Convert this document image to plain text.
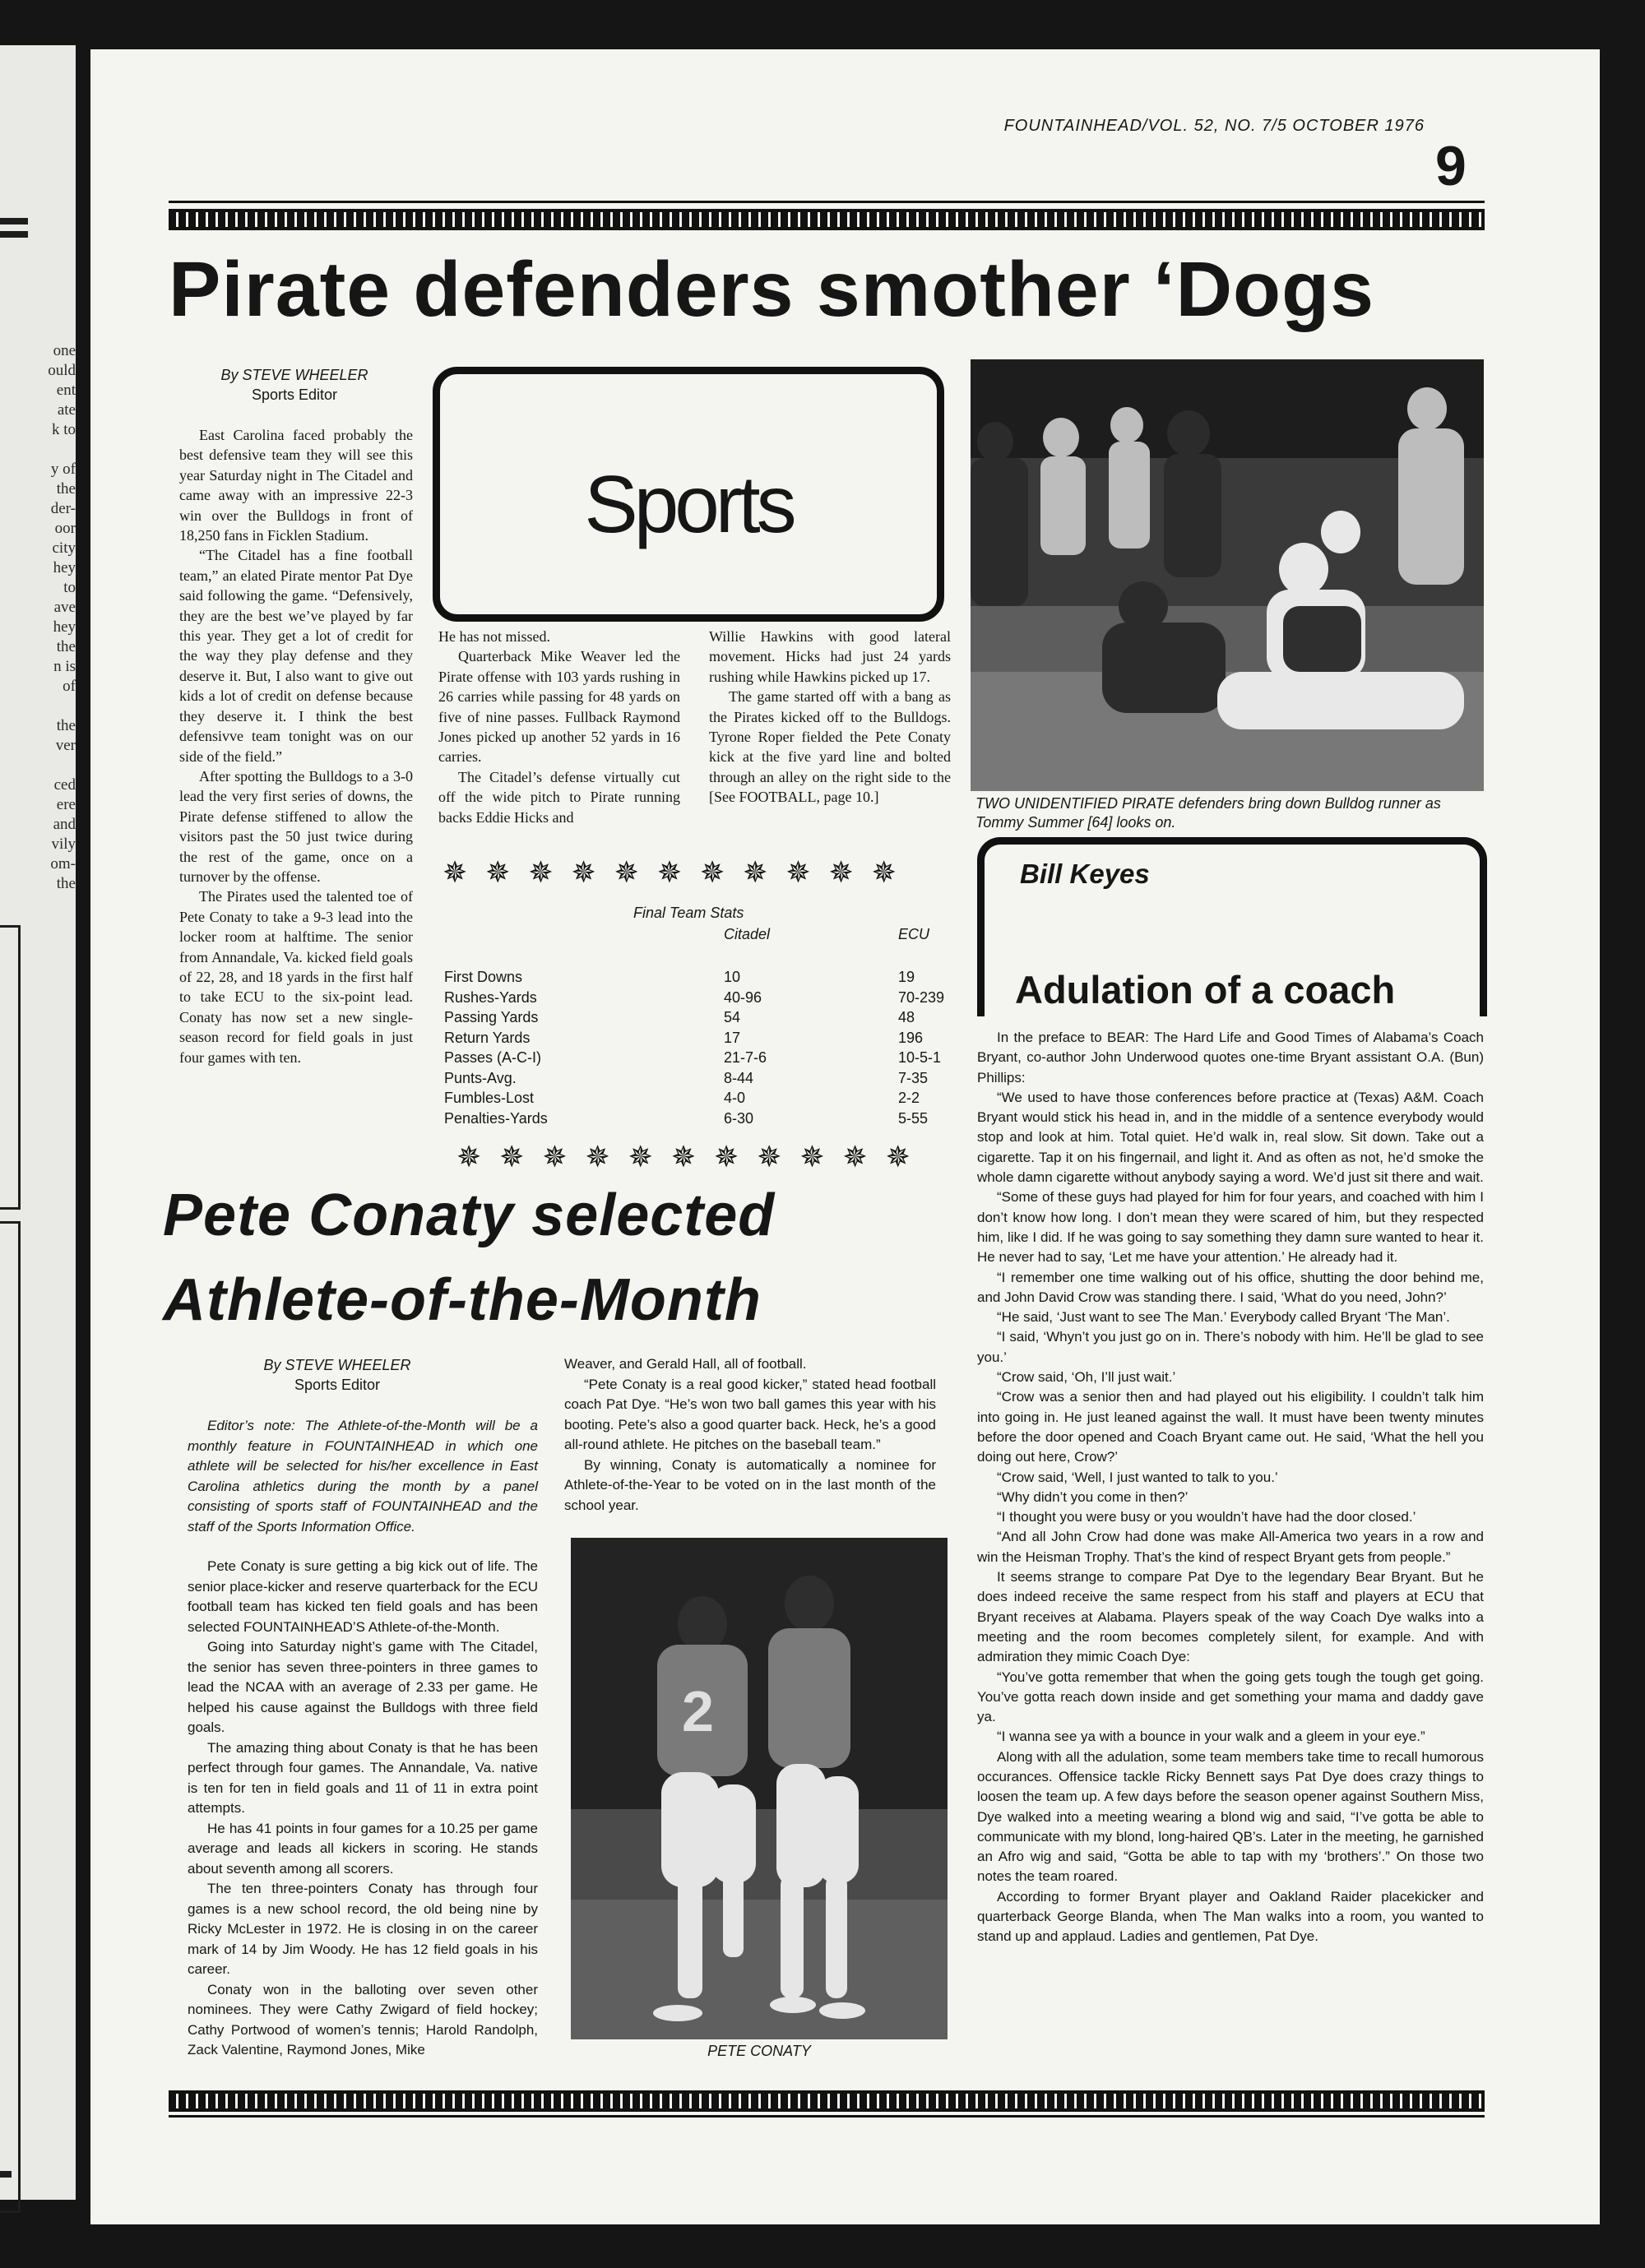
one
ould
ent
ate
k to
y of
the
der-
oor
city
hey
to
ave
hey
the
n is
of
the
ver
ced
ere
and
vily
om-
the
FOUNTAINHEAD/VOL. 52, NO. 7/5 OCTOBER 1976
9
Pirate defenders smother ‘Dogs
By STEVE WHEELER
Sports Editor

East Carolina faced probably the best defensive team they will see this year Saturday night in The Citadel and came away with an impressive 22-3 win over the Bulldogs in front of 18,250 fans in Ficklen Stadium.

“The Citadel has a fine football team,” an elated Pirate mentor Pat Dye said following the game. “Defensively, they are the best we’ve played by far this year. They get a lot of credit for the way they play defense and they deserve it. But, I also want to give out kids a lot of credit on defense because they deserve it. I think the best defensivve team tonight was on our side of the field.”

After spotting the Bulldogs to a 3-0 lead the very first series of downs, the Pirate defense stiffened to allow the visitors past the 50 just twice during the rest of the game, once on a turnover by the offense.

The Pirates used the talented toe of Pete Conaty to take a 9-3 lead into the locker room at halftime. The senior from Annandale, Va. kicked field goals of 22, 28, and 18 yards in the first half to take ECU to the six-point lead. Conaty has now set a new single-season record for field goals in just four games with ten.

Sports

He has not missed.

Quarterback Mike Weaver led the Pirate offense with 103 yards rushing in 26 carries while passing for 48 yards on five of nine passes. Fullback Raymond Jones picked up another 52 yards in 16 carries.

The Citadel’s defense virtually cut off the wide pitch to Pirate running backs Eddie Hicks and

Willie Hawkins with good lateral movement. Hicks had just 24 yards rushing while Hawkins picked up 17.

The game started off with a bang as the Pirates kicked off to the Bulldogs. Tyrone Roper fielded the Pete Conaty kick at the five yard line and bolted through an alley on the right side to the [See FOOTBALL, page 10.]	TWO UNIDENTIFIED PIRATE defenders bring down Bulldog runner as Tommy Summer [64] looks on.
✵✵✵✵✵✵✵✵✵✵✵
Final Team Stats
Citadel	ECU
First Downs	10	19
Rushes-Yards	40-96	70-239
Passing Yards	54	48
Return Yards	17	196
Passes (A-C-I)	21-7-6	10-5-1
Punts-Avg.	8-44	7-35
Fumbles-Lost	4-0	2-2
Penalties-Yards	6-30	5-55
✵✵✵✵✵✵✵✵✵✵✵
Pete Conaty selected
Athlete-of-the-Month
By STEVE WHEELER
Sports Editor

Editor’s note: The Athlete-of-the-Month will be a monthly feature in FOUNTAINHEAD in which one athlete will be selected for his/her excellence in East Carolina athletics during the month by a panel consisting of sports staff of FOUNTAINHEAD and the staff of the Sports Information Office.

Pete Conaty is sure getting a big kick out of life. The senior place-kicker and reserve quarterback for the ECU football team has kicked ten field goals and has been selected FOUNTAINHEAD’S Athlete-of-the-Month.

Going into Saturday night’s game with The Citadel, the senior has seven three-pointers in three games to lead the NCAA with an average of 2.33 per game. He helped his cause against the Bulldogs with three field goals.

The amazing thing about Conaty is that he has been perfect through four games. The Annandale, Va. native is ten for ten in field goals and 11 of 11 in extra point attempts.

He has 41 points in four games for a 10.25 per game average and leads all kickers in scoring. He stands about seventh among all scorers.

The ten three-pointers Conaty has through four games is a new school record, the old being nine by Ricky McLester in 1972. He is closing in on the career mark of 14 by Jim Woody. He has 12 field goals in his career.

Conaty won in the balloting over seven other nominees. They were Cathy Zwigard of field hockey; Cathy Portwood of women’s tennis; Harold Randolph, Zack Valentine, Raymond Jones, Mike

Weaver, and Gerald Hall, all of football.

“Pete Conaty is a real good kicker,” stated head football coach Pat Dye. “He’s won two ball games this year with his booting. Pete’s also a good quarter back. Heck, he’s a good all-round athlete. He pitches on the baseball team.”

By winning, Conaty is automatically a nominee for Athlete-of-the-Year to be voted on in the last month of the school year.

2
PETE CONATY
Bill Keyes
Adulation of a coach

In the preface to BEAR: The Hard Life and Good Times of Alabama’s Coach Bryant, co-author John Underwood quotes one-time Bryant assistant O.A. (Bun) Phillips:

“We used to have those conferences before practice at (Texas) A&M. Coach Bryant would stick his head in, and in the middle of a sentence everybody would stop and look at him. Total quiet. He’d walk in, real slow. Sit down. Take out a cigarette. Tap it on his fingernail, and light it. And as often as not, he’d smoke the whole damn cigarette without anybody saying a word. We’d just sit there and wait.

“Some of these guys had played for him for four years, and coached with him I don’t know how long. I don’t mean they were scared of him, but they respected him, like I did. If he was going to say something they damn sure wanted to hear it. He never had to say, ‘Let me have your attention.’ He already had it.

“I remember one time walking out of his office, shutting the door behind me, and John David Crow was standing there. I said, ‘What do you need, John?’

“He said, ‘Just want to see The Man.’ Everybody called Bryant ‘The Man’.

“I said, ‘Whyn’t you just go on in. There’s nobody with him. He’ll be glad to see you.’

“Crow said, ‘Oh, I’ll just wait.’

“Crow was a senior then and had played out his eligibility. I couldn’t talk him into going in. He just leaned against the wall. It must have been twenty minutes before the door opened and Coach Bryant came out. He said, ‘What the hell you doing out here, Crow?’

“Crow said, ‘Well, I just wanted to talk to you.’

“Why didn’t you come in then?’

“I thought you were busy or you wouldn’t have had the door closed.’

“And all John Crow had done was make All-America two years in a row and win the Heisman Trophy. That’s the kind of respect Bryant gets from people.”

It seems strange to compare Pat Dye to the legendary Bear Bryant. But he does indeed receive the same respect from his staff and players at ECU that Bryant receives at Alabama. Players speak of the way Coach Dye walks into a meeting and the room becomes completely silent, for example. And with admiration they mimic Coach Dye:

“You’ve gotta remember that when the going gets tough the tough get going. You’ve gotta reach down inside and get something your mama and daddy gave ya.

“I wanna see ya with a bounce in your walk and a gleem in your eye.”

Along with all the adulation, some team members take time to recall humorous occurances. Offensice tackle Ricky Bennett says Pat Dye does crazy things to loosen the team up. A few days before the season opener against Southern Miss, Dye walked into a meeting wearing a blond wig and said, “I’ve gotta be able to communicate with my blond, long-haired QB’s. Later in the meeting, he garnished an Afro wig and said, “Gotta be able to tap with my ‘brothers’.” On those two notes the team roared.

According to former Bryant player and Oakland Raider placekicker and quarterback George Blanda, when The Man walks into a room, you wanted to stand up and applaud. Ladies and gentlemen, Pat Dye.
